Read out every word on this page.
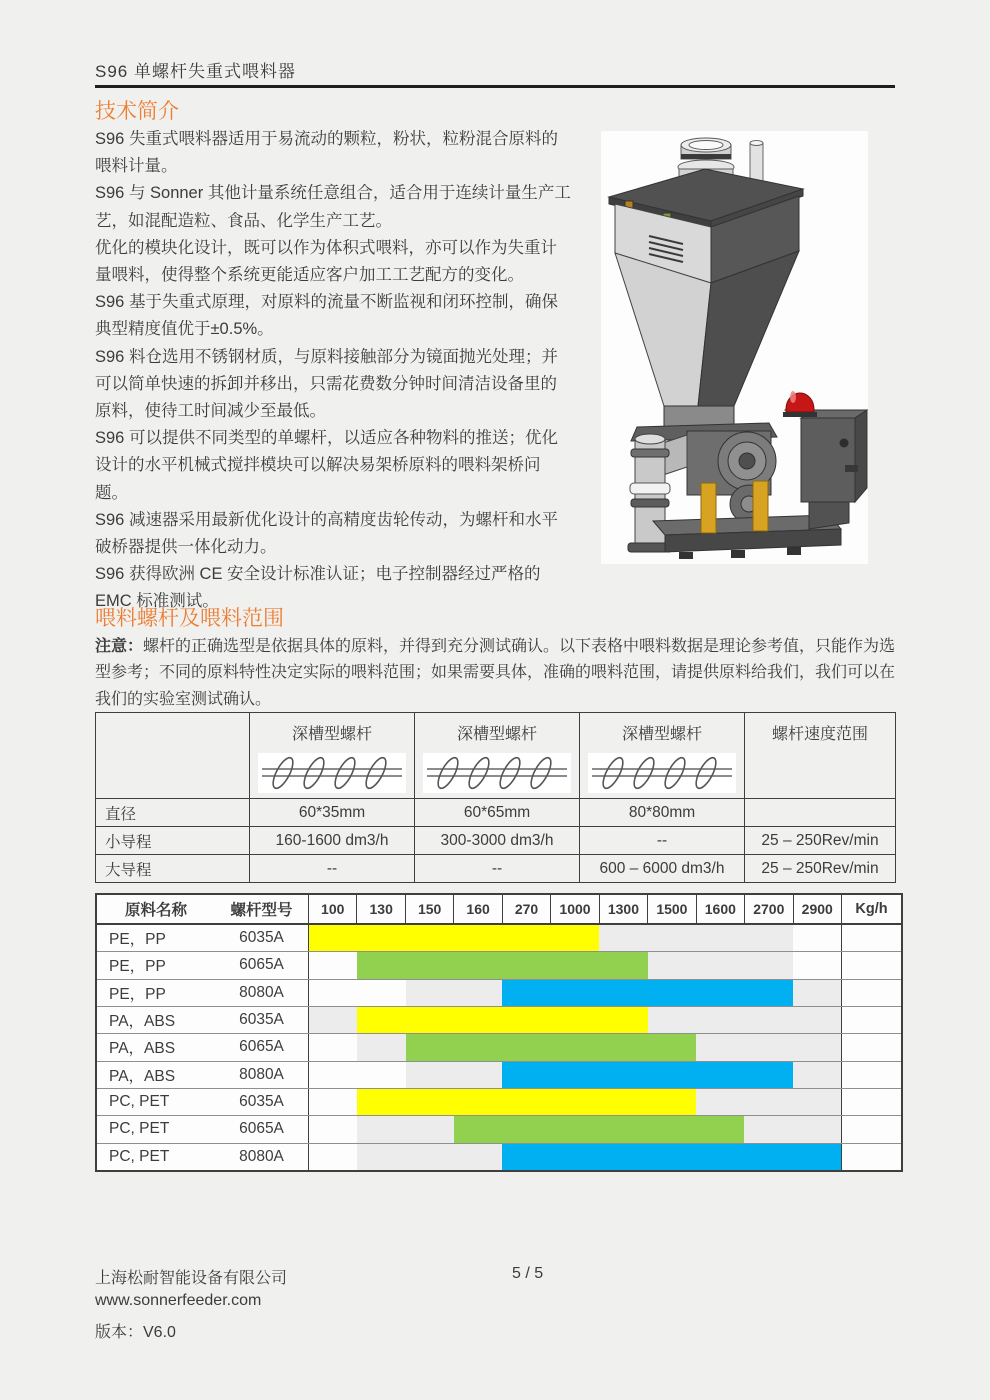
S96 单螺杆失重式喂料器
技术简介
S96 失重式喂料器适用于易流动的颗粒，粉状，粒粉混合原料的喂料计量。
S96 与 Sonner 其他计量系统任意组合，适合用于连续计量生产工艺，如混配造粒、食品、化学生产工艺。
优化的模块化设计，既可以作为体积式喂料，亦可以作为失重计量喂料，使得整个系统更能适应客户加工工艺配方的变化。
S96 基于失重式原理，对原料的流量不断监视和闭环控制，确保典型精度值优于±0.5%。
S96 料仓选用不锈钢材质，与原料接触部分为镜面抛光处理；并可以简单快速的拆卸并移出，只需花费数分钟时间清洁设备里的原料，使待工时间减少至最低。
S96 可以提供不同类型的单螺杆，以适应各种物料的推送；优化设计的水平机械式搅拌模块可以解决易架桥原料的喂料架桥问题。
S96 减速器采用最新优化设计的高精度齿轮传动，为螺杆和水平破桥器提供一体化动力。
S96 获得欧洲 CE 安全设计标准认证；电子控制器经过严格的 EMC 标准测试。
喂料螺杆及喂料范围
注意：螺杆的正确选型是依据具体的原料，并得到充分测试确认。以下表格中喂料数据是理论参考值，只能作为选型参考；不同的原料特性决定实际的喂料范围；如果需要具体，准确的喂料范围，请提供原料给我们，我们可以在我们的实验室测试确认。

	深槽型螺杆	深槽型螺杆	深槽型螺杆	螺杆速度范围

直径	60*35mm	60*65mm	80*80mm	
小导程	160-1600 dm3/h	300-3000 dm3/h	--	25 – 250Rev/min
大导程	--	--	600 – 6000 dm3/h	25 – 250Rev/min
原料名称	螺杆型号	100	130	150	160	270	1000	1300	1500	1600	2700	2900	Kg/h
PE，PP	6035A
PE，PP	6065A
PE，PP	8080A
PA，ABS	6035A
PA，ABS	6065A
PA，ABS	8080A
PC, PET	6035A
PC, PET	6065A
PC, PET	8080A
上海松耐智能设备有限公司	5 / 5
www.sonnerfeeder.com
版本：V6.0
